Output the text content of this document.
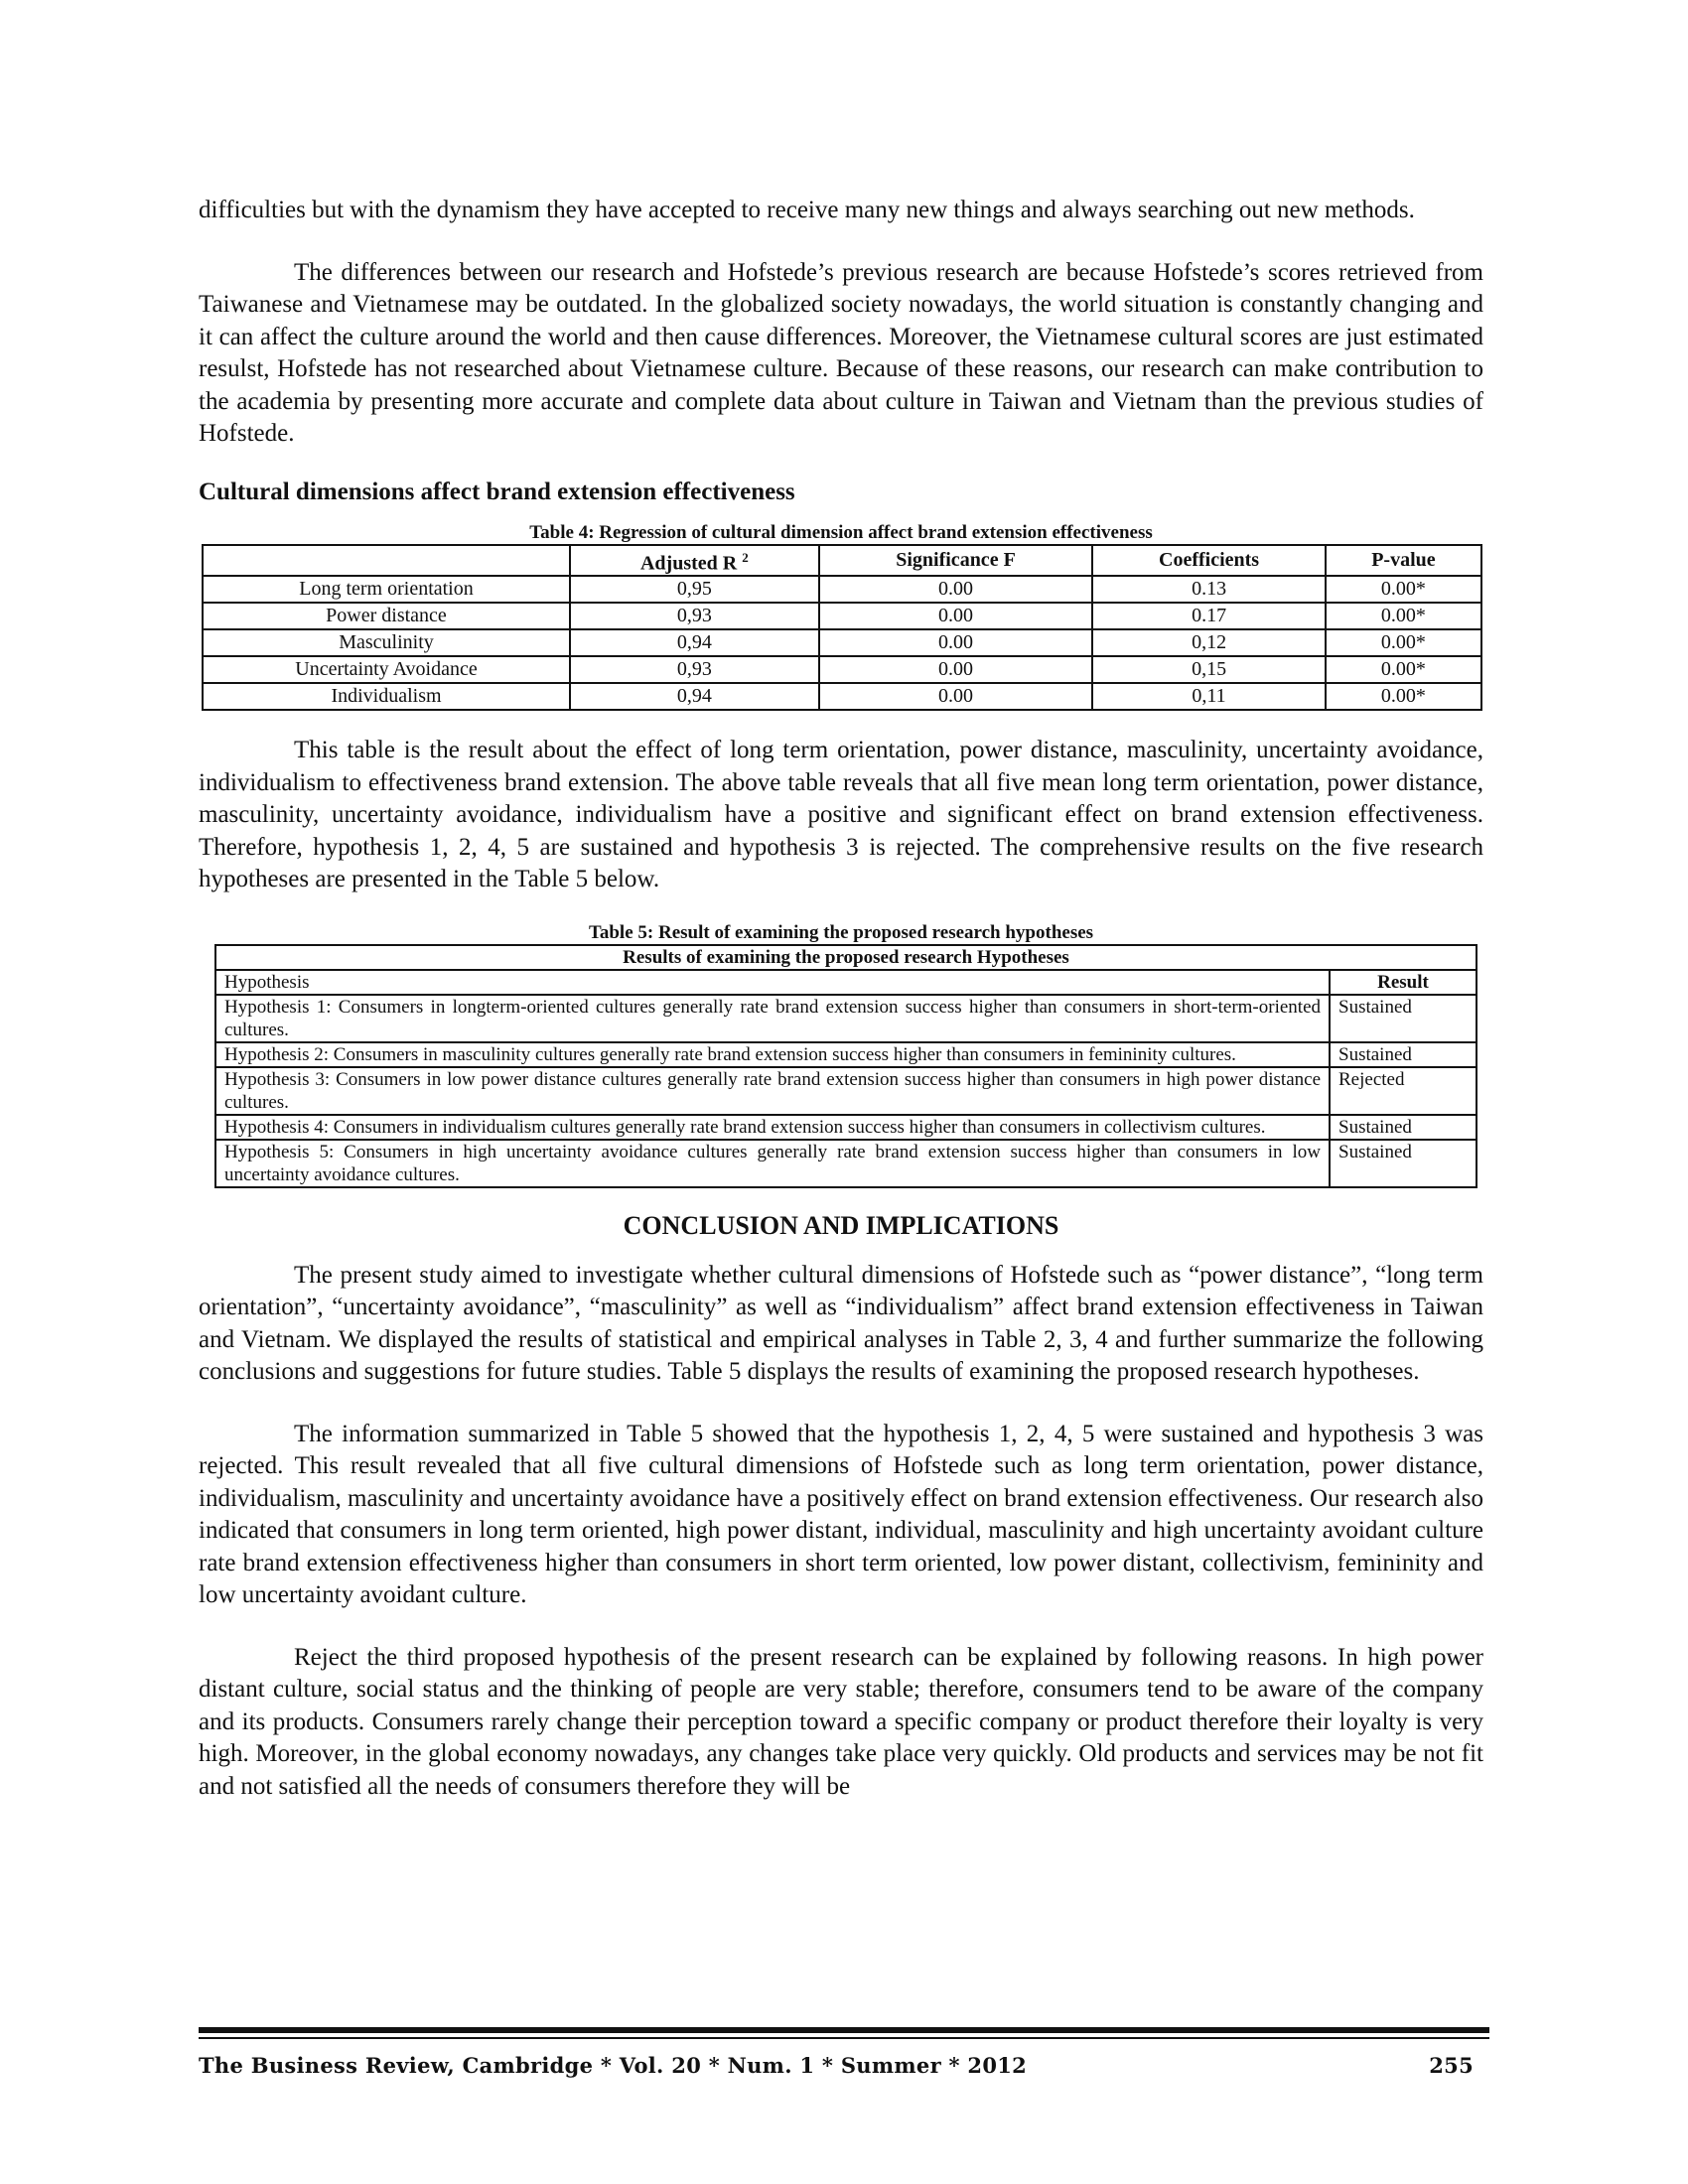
difficulties but with the dynamism they have accepted to receive many new things and always searching out new methods.

The differences between our research and Hofstede’s previous research are because Hofstede’s scores retrieved from Taiwanese and Vietnamese may be outdated. In the globalized society nowadays, the world situation is constantly changing and it can affect the culture around the world and then cause differences. Moreover, the Vietnamese cultural scores are just estimated resulst, Hofstede has not researched about Vietnamese culture. Because of these reasons, our research can make contribution to the academia by presenting more accurate and complete data about culture in Taiwan and Vietnam than the previous studies of Hofstede.

Cultural dimensions affect brand extension effectiveness

Table 4: Regression of cultural dimension affect brand extension effectiveness

	Adjusted R $^2$	Significance F	Coefficients	P-value
Long term orientation	0,95	0.00	0.13	0.00*
Power distance	0,93	0.00	0.17	0.00*
Masculinity	0,94	0.00	0,12	0.00*
Uncertainty Avoidance	0,93	0.00	0,15	0.00*
Individualism	0,94	0.00	0,11	0.00*

This table is the result about the effect of long term orientation, power distance, masculinity, uncertainty avoidance, individualism to effectiveness brand extension. The above table reveals that all five mean long term orientation, power distance, masculinity, uncertainty avoidance, individualism have a positive and significant effect on brand extension effectiveness. Therefore, hypothesis 1, 2, 4, 5 are sustained and hypothesis 3 is rejected. The comprehensive results on the five research hypotheses are presented in the Table 5 below.

Table 5: Result of examining the proposed research hypotheses

Results of examining the proposed research Hypotheses	
Hypothesis	Result
Hypothesis 1: Consumers in longterm-oriented cultures generally rate brand extension success higher than consumers in short-term-oriented cultures.	Sustained
Hypothesis 2: Consumers in masculinity cultures generally rate brand extension success higher than consumers in femininity cultures.	Sustained
Hypothesis 3: Consumers in low power distance cultures generally rate brand extension success higher than consumers in high power distance cultures.	Rejected
Hypothesis 4: Consumers in individualism cultures generally rate brand extension success higher than consumers in collectivism cultures.	Sustained
Hypothesis 5: Consumers in high uncertainty avoidance cultures generally rate brand extension success higher than consumers in low uncertainty avoidance cultures.	Sustained
CONCLUSION AND IMPLICATIONS

The present study aimed to investigate whether cultural dimensions of Hofstede such as “power distance”, “long term orientation”, “uncertainty avoidance”, “masculinity” as well as “individualism” affect brand extension effectiveness in Taiwan and Vietnam. We displayed the results of statistical and empirical analyses in Table 2, 3, 4 and further summarize the following conclusions and suggestions for future studies. Table 5 displays the results of examining the proposed research hypotheses.

The information summarized in Table 5 showed that the hypothesis 1, 2, 4, 5 were sustained and hypothesis 3 was rejected. This result revealed that all five cultural dimensions of Hofstede such as long term orientation, power distance, individualism, masculinity and uncertainty avoidance have a positively effect on brand extension effectiveness. Our research also indicated that consumers in long term oriented, high power distant, individual, masculinity and high uncertainty avoidant culture rate brand extension effectiveness higher than consumers in short term oriented, low power distant, collectivism, femininity and low uncertainty avoidant culture.

Reject the third proposed hypothesis of the present research can be explained by following reasons. In high power distant culture, social status and the thinking of people are very stable; therefore, consumers tend to be aware of the company and its products. Consumers rarely change their perception toward a specific company or product therefore their loyalty is very high. Moreover, in the global economy nowadays, any changes take place very quickly. Old products and services may be not fit and not satisfied all the needs of consumers therefore they will be

The Business Review, Cambridge * Vol. 20 * Num. 1 * Summer * 2012	255
